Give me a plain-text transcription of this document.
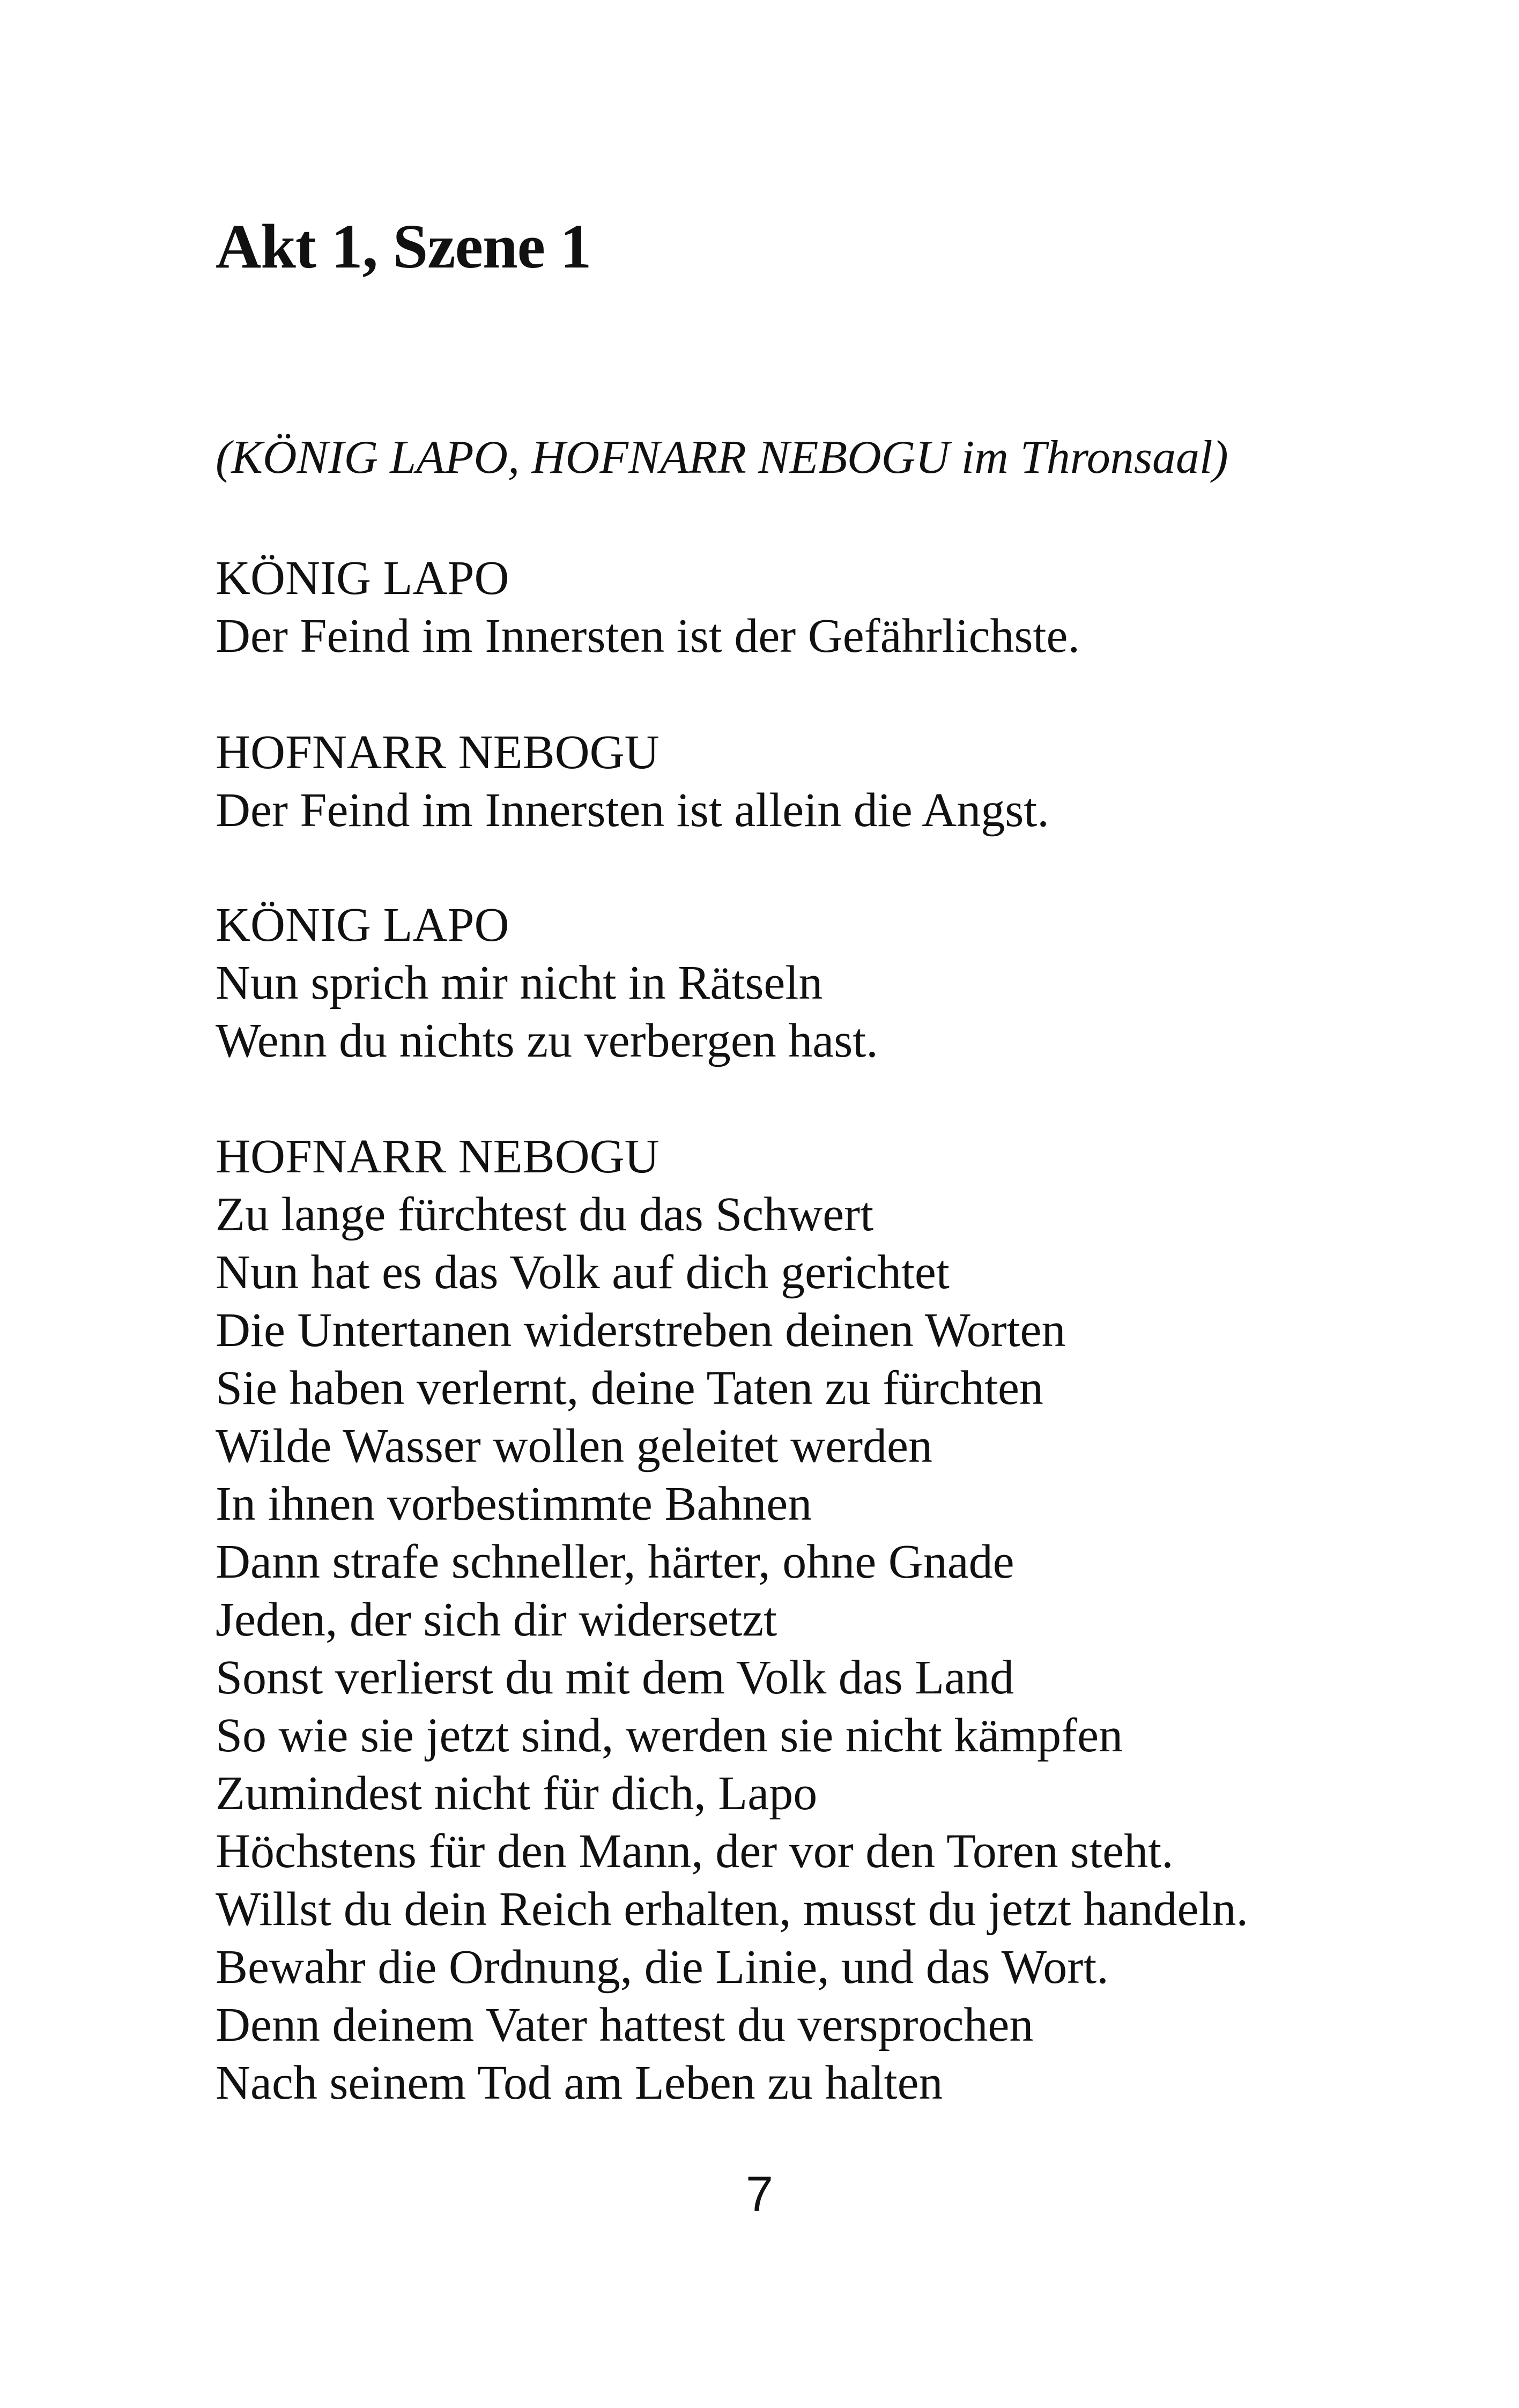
Akt 1, Szene 1

(KÖNIG LAPO, HOFNARR NEBOGU im Thronsaal)

KÖNIG LAPO
Der Feind im Innersten ist der Gefährlichste.
HOFNARR NEBOGU
Der Feind im Innersten ist allein die Angst.
KÖNIG LAPO
Nun sprich mir nicht in Rätseln
Wenn du nichts zu verbergen hast.
HOFNARR NEBOGU
Zu lange fürchtest du das Schwert
Nun hat es das Volk auf dich gerichtet
Die Untertanen widerstreben deinen Worten
Sie haben verlernt, deine Taten zu fürchten
Wilde Wasser wollen geleitet werden
In ihnen vorbestimmte Bahnen
Dann strafe schneller, härter, ohne Gnade
Jeden, der sich dir widersetzt
Sonst verlierst du mit dem Volk das Land
So wie sie jetzt sind, werden sie nicht kämpfen
Zumindest nicht für dich, Lapo
Höchstens für den Mann, der vor den Toren steht.
Willst du dein Reich erhalten, musst du jetzt handeln.
Bewahr die Ordnung, die Linie, und das Wort.
Denn deinem Vater hattest du versprochen
Nach seinem Tod am Leben zu halten
7
